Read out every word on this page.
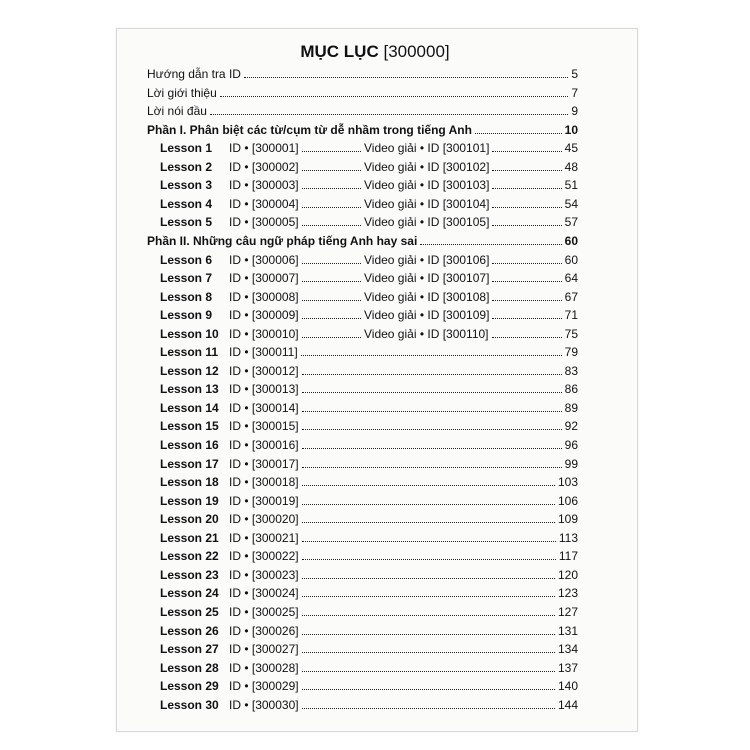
MỤC LỤC [300000]
Hướng dẫn tra ID	5
Lời giới thiệu	7
Lời nói đầu	9
Phần I. Phân biệt các từ/cụm từ dễ nhầm trong tiếng Anh	10
Lesson 1 ID • [300001]	Video giải • ID [300101]	45
Lesson 2 ID • [300002]	Video giải • ID [300102]	48
Lesson 3 ID • [300003]	Video giải • ID [300103]	51
Lesson 4 ID • [300004]	Video giải • ID [300104]	54
Lesson 5 ID • [300005]	Video giải • ID [300105]	57
Phần II. Những câu ngữ pháp tiếng Anh hay sai	60
Lesson 6 ID • [300006]	Video giải • ID [300106]	60
Lesson 7 ID • [300007]	Video giải • ID [300107]	64
Lesson 8 ID • [300008]	Video giải • ID [300108]	67
Lesson 9 ID • [300009]	Video giải • ID [300109]	71
Lesson 10 ID • [300010]	Video giải • ID [300110]	75
Lesson 11 ID • [300011]	79
Lesson 12 ID • [300012]	83
Lesson 13 ID • [300013]	86
Lesson 14 ID • [300014]	89
Lesson 15 ID • [300015]	92
Lesson 16 ID • [300016]	96
Lesson 17 ID • [300017]	99
Lesson 18 ID • [300018]	103
Lesson 19 ID • [300019]	106
Lesson 20 ID • [300020]	109
Lesson 21 ID • [300021]	113
Lesson 22 ID • [300022]	117
Lesson 23 ID • [300023]	120
Lesson 24 ID • [300024]	123
Lesson 25 ID • [300025]	127
Lesson 26 ID • [300026]	131
Lesson 27 ID • [300027]	134
Lesson 28 ID • [300028]	137
Lesson 29 ID • [300029]	140
Lesson 30 ID • [300030]	144
